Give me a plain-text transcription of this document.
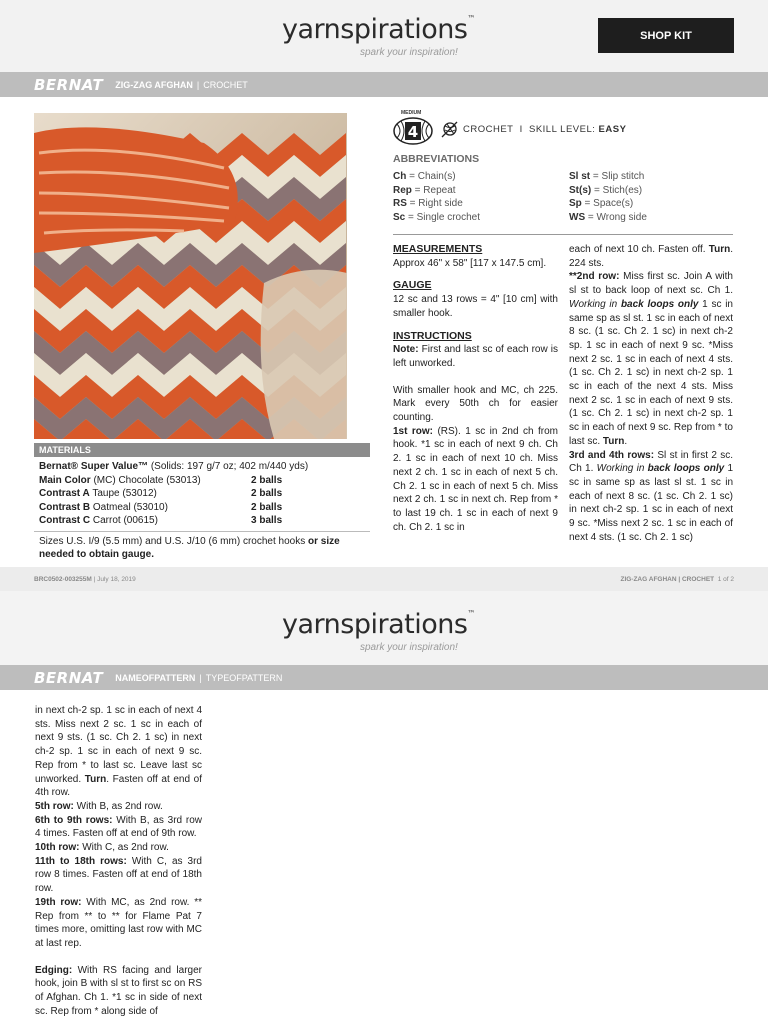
yarnspirations™
spark your inspiration!
SHOP KIT
BERNAT ZIG-ZAG AFGHAN | CROCHET
MATERIALS
Bernat® Super Value™ (Solids: 197 g/7 oz; 402 m/440 yds)
Main Color (MC) Chocolate (53013)	2 balls
Contrast A Taupe (53012)	2 balls
Contrast B Oatmeal (53010)	2 balls
Contrast C Carrot (00615)	3 balls
Sizes U.S. I/9 (5.5 mm) and U.S. J/10 (6 mm) crochet hooks or size needed to obtain gauge.
MEDIUM
4	CROCHET  I  SKILL LEVEL: EASY
ABBREVIATIONS
Ch = Chain(s)
Rep = Repeat
RS = Right side
Sc = Single crochet
Sl st = Slip stitch
St(s) = Stich(es)
Sp = Space(s)
WS = Wrong side

MEASUREMENTS

Approx 46" x 58" [117 x 147.5 cm].

GAUGE

12 sc and 13 rows = 4" [10 cm] with smaller hook.

INSTRUCTIONS

Note: First and last sc of each row is left unworked.

With smaller hook and MC, ch 225. Mark every 50th ch for easier counting.

1st row: (RS). 1 sc in 2nd ch from hook. *1 sc in each of next 9 ch. Ch 2. 1 sc in each of next 10 ch. Miss next 2 ch. 1 sc in each of next 5 ch. Ch 2. 1 sc in each of next 5 ch. Miss next 2 ch. 1 sc in next ch. Rep from * to last 19 ch. 1 sc in each of next 9 ch. Ch 2. 1 sc in

each of next 10 ch. Fasten off. Turn. 224 sts.

**2nd row: Miss first sc. Join A with sl st to back loop of next sc. Ch 1. Working in back loops only 1 sc in same sp as sl st. 1 sc in each of next 8 sc. (1 sc. Ch 2. 1 sc) in next ch-2 sp. 1 sc in each of next 9 sc. *Miss next 2 sc. 1 sc in each of next 4 sts. (1 sc. Ch 2. 1 sc) in next ch-2 sp. 1 sc in each of the next 4 sts. Miss next 2 sc. 1 sc in each of next 9 sts. (1 sc. Ch 2. 1 sc) in next ch-2 sp. 1 sc in each of next 9 sc. Rep from * to last sc. Turn.

3rd and 4th rows: Sl st in first 2 sc. Ch 1. Working in back loops only 1 sc in same sp as last sl st. 1 sc in each of next 8 sc. (1 sc. Ch 2. 1 sc) in next ch-2 sp. 1 sc in each of next 9 sc. *Miss next 2 sc. 1 sc in each of next 4 sts. (1 sc. Ch 2. 1 sc)

BRC0502-003255M | July 18, 2019	ZIG-ZAG AFGHAN | CROCHET  1 of 2
yarnspirations™
spark your inspiration!
BERNAT NAMEOFPATTERN | TYPEOFPATTERN

in next ch-2 sp. 1 sc in each of next 4 sts. Miss next 2 sc. 1 sc in each of next 9 sts. (1 sc. Ch 2. 1 sc) in next ch-2 sp. 1 sc in each of next 9 sc. Rep from * to last sc. Leave last sc unworked. Turn. Fasten off at end of 4th row.

5th row: With B, as 2nd row.

6th to 9th rows: With B, as 3rd row 4 times. Fasten off at end of 9th row.

10th row: With C, as 2nd row.

11th to 18th rows: With C, as 3rd row 8 times. Fasten off at end of 18th row.

19th row: With MC, as 2nd row. ** Rep from ** to ** for Flame Pat 7 times more, omitting last row with MC at last rep.

Edging: With RS facing and larger hook, join B with sl st to first sc on RS of Afghan. Ch 1. *1 sc in side of next sc. Rep from * along side of
